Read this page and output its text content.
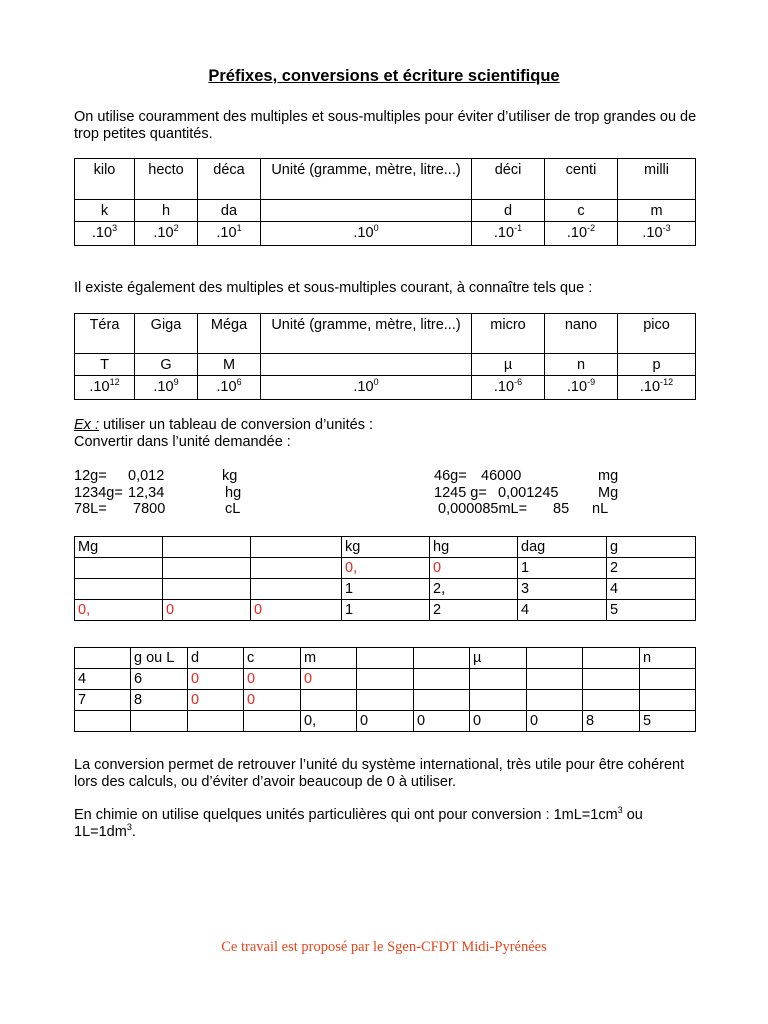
Préfixes, conversions et écriture scientifique
On utilise couramment des multiples et sous-multiples pour éviter d’utiliser de trop grandes ou de trop petites quantités.
kilo	hecto	déca	Unité (gramme, mètre, litre...)	déci	centi	milli
k	h	da		d	c	m
$.10^3$	$.10^2$	$.10^1$	$.10^0$	$.10^{-1}$	$.10^{-2}$	$.10^{-3}$
Il existe également des multiples et sous-multiples courant, à connaître tels que :
Téra	Giga	Méga	Unité (gramme, mètre, litre...)	micro	nano	pico
T	G	M		µ	n	p
$.10^{12}$	$.10^9$	$.10^6$	$.10^0$	$.10^{-6}$	$.10^{-9}$	$.10^{-12}$
Ex : utiliser un tableau de conversion d’unités :
Convertir dans l’unité demandée :
12g= 0,012	kg
1234g= 12,34	hg
78L= 7800	cL
46g= 46000	mg
1245 g= 0,001245	Mg
0,000085mL= 85 nL
Mg			kg	hg	dag	g
			0,	0	1	2
			1	2,	3	4
0,	0	0	1	2	4	5
	g ou L	d	c	m			µ			n
4	6	0	0	0						
7	8	0	0							
				0,	0	0	0	0	8	5
La conversion permet de retrouver l’unité du système international, très utile pour être cohérent lors des calculs, ou d’éviter d’avoir beaucoup de 0 à utiliser.
En chimie on utilise quelques unités particulières qui ont pour conversion : $1mL=1cm^3$ ou
$1L=1dm^3$.
Ce travail est proposé par le Sgen-CFDT Midi-Pyrénées
